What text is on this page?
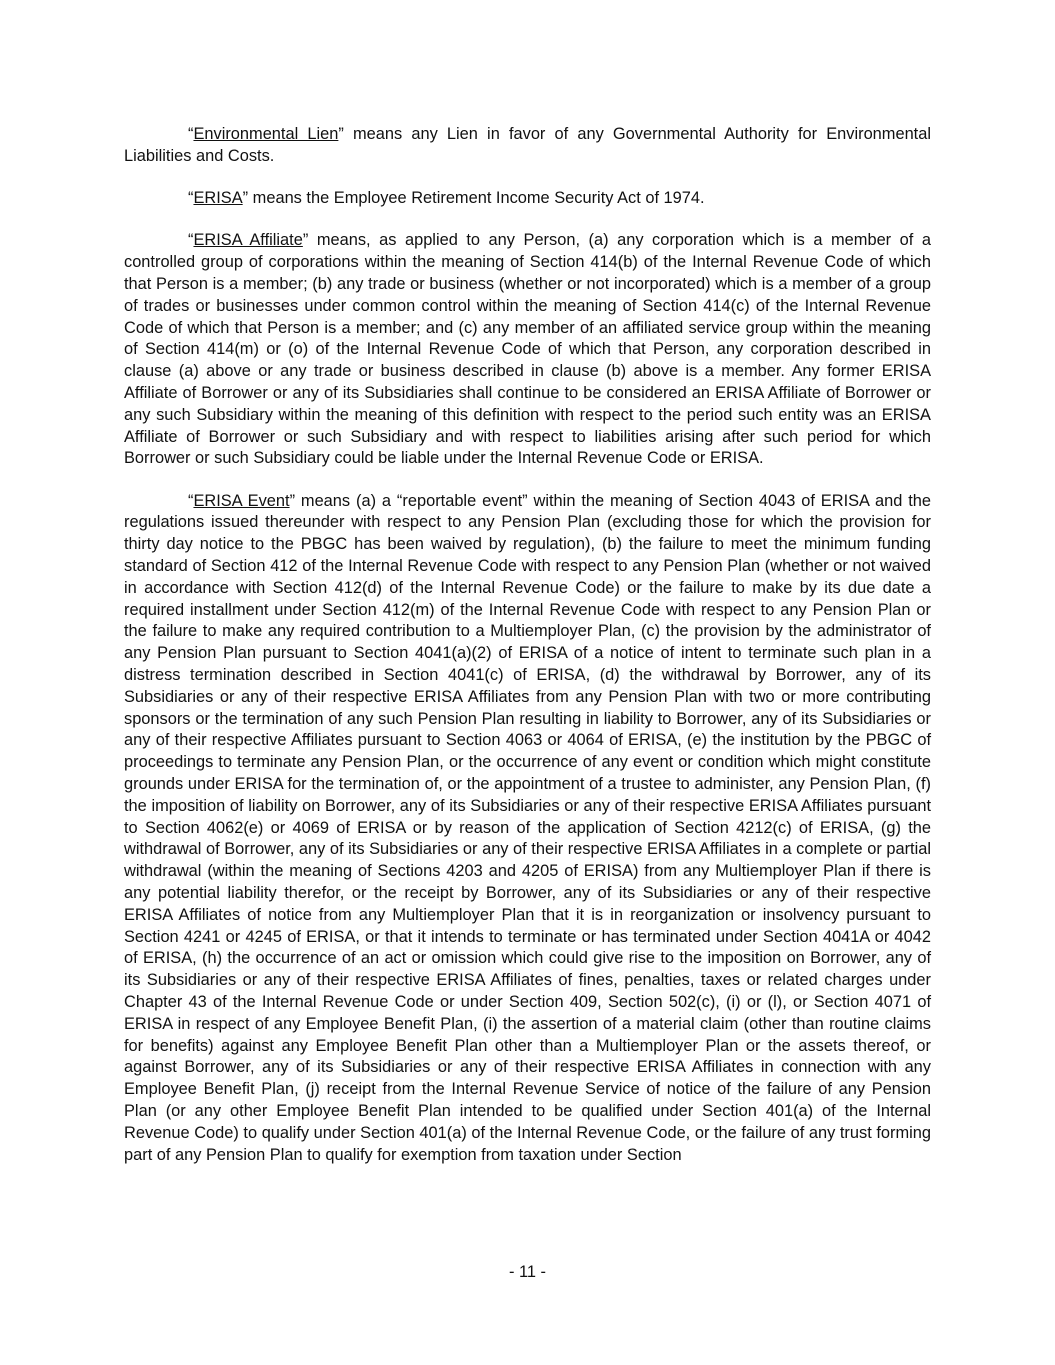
“Environmental Lien” means any Lien in favor of any Governmental Authority for Environmental Liabilities and Costs.

“ERISA” means the Employee Retirement Income Security Act of 1974.

“ERISA Affiliate” means, as applied to any Person, (a) any corporation which is a member of a controlled group of corporations within the meaning of Section 414(b) of the Internal Revenue Code of which that Person is a member; (b) any trade or business (whether or not incorporated) which is a member of a group of trades or businesses under common control within the meaning of Section 414(c) of the Internal Revenue Code of which that Person is a member; and (c) any member of an affiliated service group within the meaning of Section 414(m) or (o) of the Internal Revenue Code of which that Person, any corporation described in clause (a) above or any trade or business described in clause (b) above is a member. Any former ERISA Affiliate of Borrower or any of its Subsidiaries shall continue to be considered an ERISA Affiliate of Borrower or any such Subsidiary within the meaning of this definition with respect to the period such entity was an ERISA Affiliate of Borrower or such Subsidiary and with respect to liabilities arising after such period for which Borrower or such Subsidiary could be liable under the Internal Revenue Code or ERISA.

“ERISA Event” means (a) a “reportable event” within the meaning of Section 4043 of ERISA and the regulations issued thereunder with respect to any Pension Plan (excluding those for which the provision for thirty day notice to the PBGC has been waived by regulation), (b) the failure to meet the minimum funding standard of Section 412 of the Internal Revenue Code with respect to any Pension Plan (whether or not waived in accordance with Section 412(d) of the Internal Revenue Code) or the failure to make by its due date a required installment under Section 412(m) of the Internal Revenue Code with respect to any Pension Plan or the failure to make any required contribution to a Multiemployer Plan, (c) the provision by the administrator of any Pension Plan pursuant to Section 4041(a)(2) of ERISA of a notice of intent to terminate such plan in a distress termination described in Section 4041(c) of ERISA, (d) the withdrawal by Borrower, any of its Subsidiaries or any of their respective ERISA Affiliates from any Pension Plan with two or more contributing sponsors or the termination of any such Pension Plan resulting in liability to Borrower, any of its Subsidiaries or any of their respective Affiliates pursuant to Section 4063 or 4064 of ERISA, (e) the institution by the PBGC of proceedings to terminate any Pension Plan, or the occurrence of any event or condition which might constitute grounds under ERISA for the termination of, or the appointment of a trustee to administer, any Pension Plan, (f) the imposition of liability on Borrower, any of its Subsidiaries or any of their respective ERISA Affiliates pursuant to Section 4062(e) or 4069 of ERISA or by reason of the application of Section 4212(c) of ERISA, (g) the withdrawal of Borrower, any of its Subsidiaries or any of their respective ERISA Affiliates in a complete or partial withdrawal (within the meaning of Sections 4203 and 4205 of ERISA) from any Multiemployer Plan if there is any potential liability therefor, or the receipt by Borrower, any of its Subsidiaries or any of their respective ERISA Affiliates of notice from any Multiemployer Plan that it is in reorganization or insolvency pursuant to Section 4241 or 4245 of ERISA, or that it intends to terminate or has terminated under Section 4041A or 4042 of ERISA, (h) the occurrence of an act or omission which could give rise to the imposition on Borrower, any of its Subsidiaries or any of their respective ERISA Affiliates of fines, penalties, taxes or related charges under Chapter 43 of the Internal Revenue Code or under Section 409, Section 502(c), (i) or (l), or Section 4071 of ERISA in respect of any Employee Benefit Plan, (i) the assertion of a material claim (other than routine claims for benefits) against any Employee Benefit Plan other than a Multiemployer Plan or the assets thereof, or against Borrower, any of its Subsidiaries or any of their respective ERISA Affiliates in connection with any Employee Benefit Plan, (j) receipt from the Internal Revenue Service of notice of the failure of any Pension Plan (or any other Employee Benefit Plan intended to be qualified under Section 401(a) of the Internal Revenue Code) to qualify under Section 401(a) of the Internal Revenue Code, or the failure of any trust forming part of any Pension Plan to qualify for exemption from taxation under Section

- 11 -
